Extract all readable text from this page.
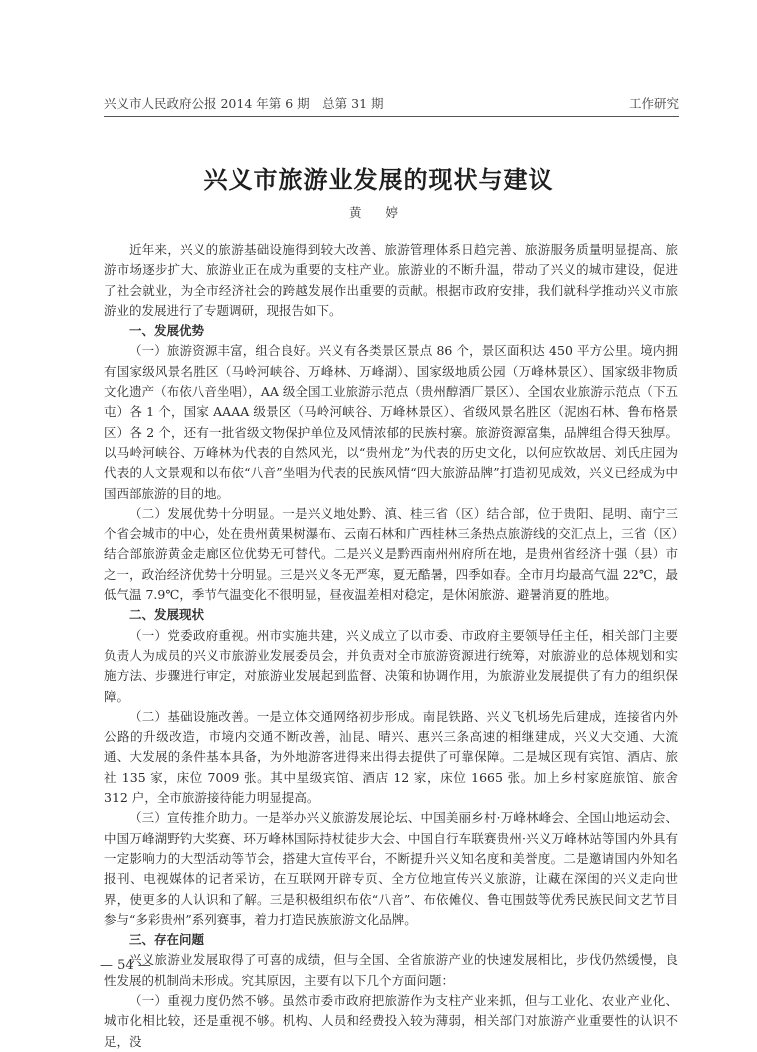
兴义市人民政府公报 2014 年第 6 期　总第 31 期	工作研究
兴义市旅游业发展的现状与建议
黄 婷

近年来，兴义的旅游基础设施得到较大改善、旅游管理体系日趋完善、旅游服务质量明显提高、旅游市场逐步扩大、旅游业正在成为重要的支柱产业。旅游业的不断升温，带动了兴义的城市建设，促进了社会就业，为全市经济社会的跨越发展作出重要的贡献。根据市政府安排，我们就科学推动兴义市旅游业的发展进行了专题调研，现报告如下。

一、发展优势

（一）旅游资源丰富，组合良好。兴义有各类景区景点 86 个，景区面积达 450 平方公里。境内拥有国家级风景名胜区（马岭河峡谷、万峰林、万峰湖）、国家级地质公园（万峰林景区）、国家级非物质文化遗产（布依八音坐唱），AA 级全国工业旅游示范点（贵州醇酒厂景区）、全国农业旅游示范点（下五屯）各 1 个，国家 AAAA 级景区（马岭河峡谷、万峰林景区）、省级风景名胜区（泥凼石林、鲁布格景区）各 2 个，还有一批省级文物保护单位及风情浓郁的民族村寨。旅游资源富集，品牌组合得天独厚。以马岭河峡谷、万峰林为代表的自然风光，以“贵州龙”为代表的历史文化，以何应钦故居、刘氏庄园为代表的人文景观和以布依“八音”坐唱为代表的民族风情“四大旅游品牌”打造初见成效，兴义已经成为中国西部旅游的目的地。

（二）发展优势十分明显。一是兴义地处黔、滇、桂三省（区）结合部，位于贵阳、昆明、南宁三个省会城市的中心，处在贵州黄果树瀑布、云南石林和广西桂林三条热点旅游线的交汇点上，三省（区）结合部旅游黄金走廊区位优势无可替代。二是兴义是黔西南州州府所在地，是贵州省经济十强（县）市之一，政治经济优势十分明显。三是兴义冬无严寒，夏无酷暑，四季如春。全市月均最高气温 22℃，最低气温 7.9℃，季节气温变化不很明显，昼夜温差相对稳定，是休闲旅游、避暑消夏的胜地。

二、发展现状

（一）党委政府重视。州市实施共建，兴义成立了以市委、市政府主要领导任主任，相关部门主要负责人为成员的兴义市旅游业发展委员会，并负责对全市旅游资源进行统筹，对旅游业的总体规划和实施方法、步骤进行审定，对旅游业发展起到监督、决策和协调作用，为旅游业发展提供了有力的组织保障。

（二）基础设施改善。一是立体交通网络初步形成。南昆铁路、兴义飞机场先后建成，连接省内外公路的升级改造，市境内交通不断改善，汕昆、晴兴、惠兴三条高速的相继建成，兴义大交通、大流通、大发展的条件基本具备，为外地游客进得来出得去提供了可靠保障。二是城区现有宾馆、酒店、旅社 135 家，床位 7009 张。其中星级宾馆、酒店 12 家，床位 1665 张。加上乡村家庭旅馆、旅舍 312 户，全市旅游接待能力明显提高。

（三）宣传推介助力。一是举办兴义旅游发展论坛、中国美丽乡村·万峰林峰会、全国山地运动会、中国万峰湖野钓大奖赛、环万峰林国际持杖徒步大会、中国自行车联赛贵州·兴义万峰林站等国内外具有一定影响力的大型活动等节会，搭建大宣传平台，不断提升兴义知名度和美誉度。二是邀请国内外知名报刊、电视媒体的记者采访，在互联网开辟专页、全方位地宣传兴义旅游，让藏在深闺的兴义走向世界，使更多的人认识和了解。三是积极组织布依“八音”、布依傩仪、鲁屯围鼓等优秀民族民间文艺节目参与“多彩贵州”系列赛事，着力打造民族旅游文化品牌。

三、存在问题

兴义旅游业发展取得了可喜的成绩，但与全国、全省旅游产业的快速发展相比，步伐仍然缓慢，良性发展的机制尚未形成。究其原因，主要有以下几个方面问题：

（一）重视力度仍然不够。虽然市委市政府把旅游作为支柱产业来抓，但与工业化、农业产业化、城市化相比较，还是重视不够。机构、人员和经费投入较为薄弱，相关部门对旅游产业重要性的认识不足，没

— 54 —
